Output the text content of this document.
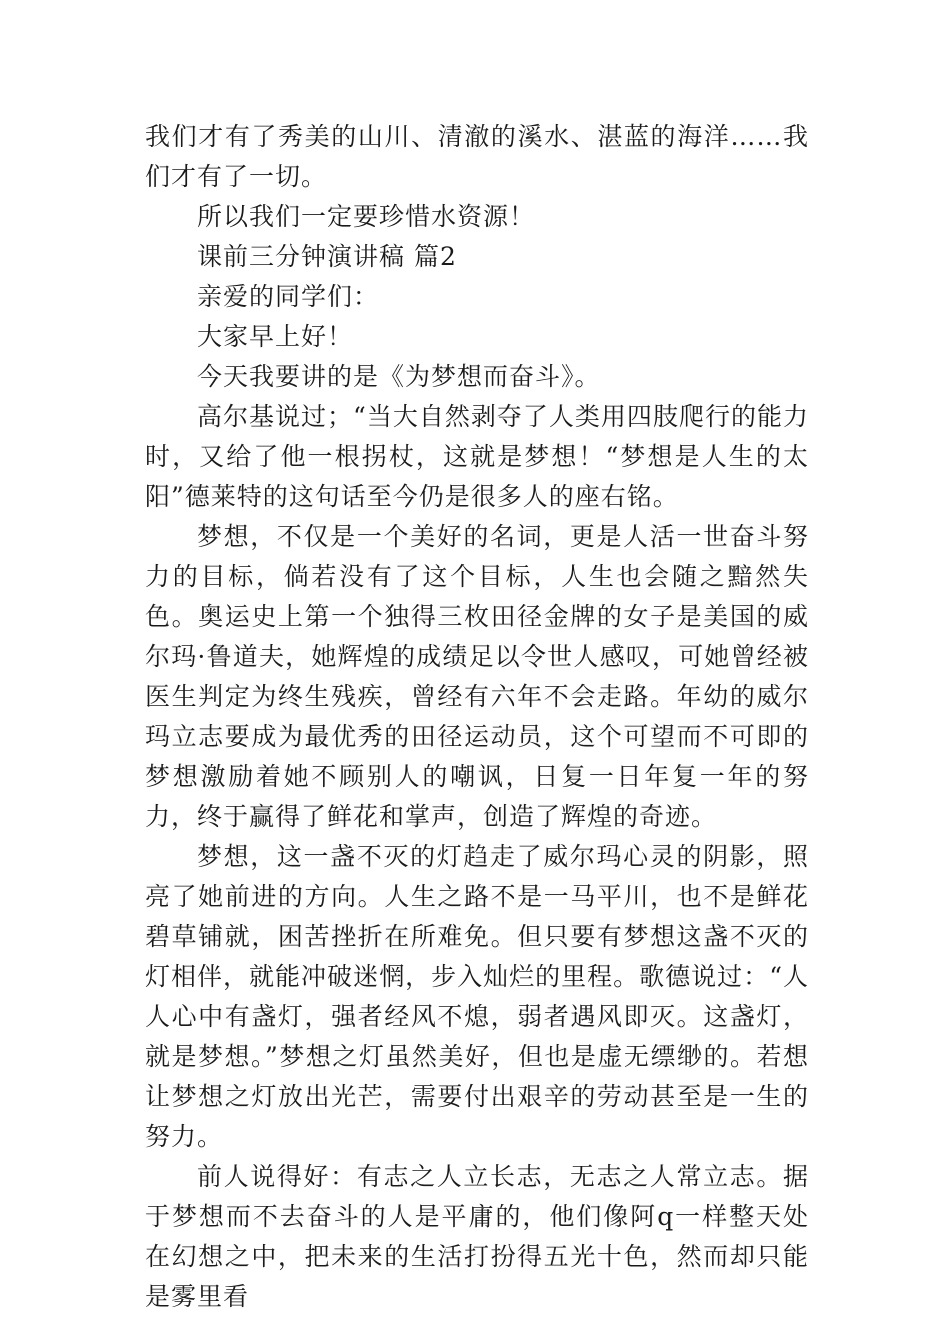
我们才有了秀美的山川、清澈的溪水、湛蓝的海洋……我们才有了一切。

所以我们一定要珍惜水资源！

课前三分钟演讲稿 篇2

亲爱的同学们：

大家早上好！

今天我要讲的是《为梦想而奋斗》。

高尔基说过；“当大自然剥夺了人类用四肢爬行的能力时，又给了他一根拐杖，这就是梦想！“梦想是人生的太阳”德莱特的这句话至今仍是很多人的座右铭。

梦想，不仅是一个美好的名词，更是人活一世奋斗努力的目标，倘若没有了这个目标，人生也会随之黯然失色。奥运史上第一个独得三枚田径金牌的女子是美国的威尔玛·鲁道夫，她辉煌的成绩足以令世人感叹，可她曾经被医生判定为终生残疾，曾经有六年不会走路。年幼的威尔玛立志要成为最优秀的田径运动员，这个可望而不可即的梦想激励着她不顾别人的嘲讽，日复一日年复一年的努力，终于赢得了鲜花和掌声，创造了辉煌的奇迹。

梦想，这一盏不灭的灯趋走了威尔玛心灵的阴影，照亮了她前进的方向。人生之路不是一马平川，也不是鲜花碧草铺就，困苦挫折在所难免。但只要有梦想这盏不灭的灯相伴，就能冲破迷惘，步入灿烂的里程。歌德说过：“人人心中有盏灯，强者经风不熄，弱者遇风即灭。这盏灯，就是梦想。”梦想之灯虽然美好，但也是虚无缥缈的。若想让梦想之灯放出光芒，需要付出艰辛的劳动甚至是一生的努力。

前人说得好：有志之人立长志，无志之人常立志。据于梦想而不去奋斗的人是平庸的，他们像阿q一样整天处在幻想之中，把未来的生活打扮得五光十色，然而却只能是雾里看
